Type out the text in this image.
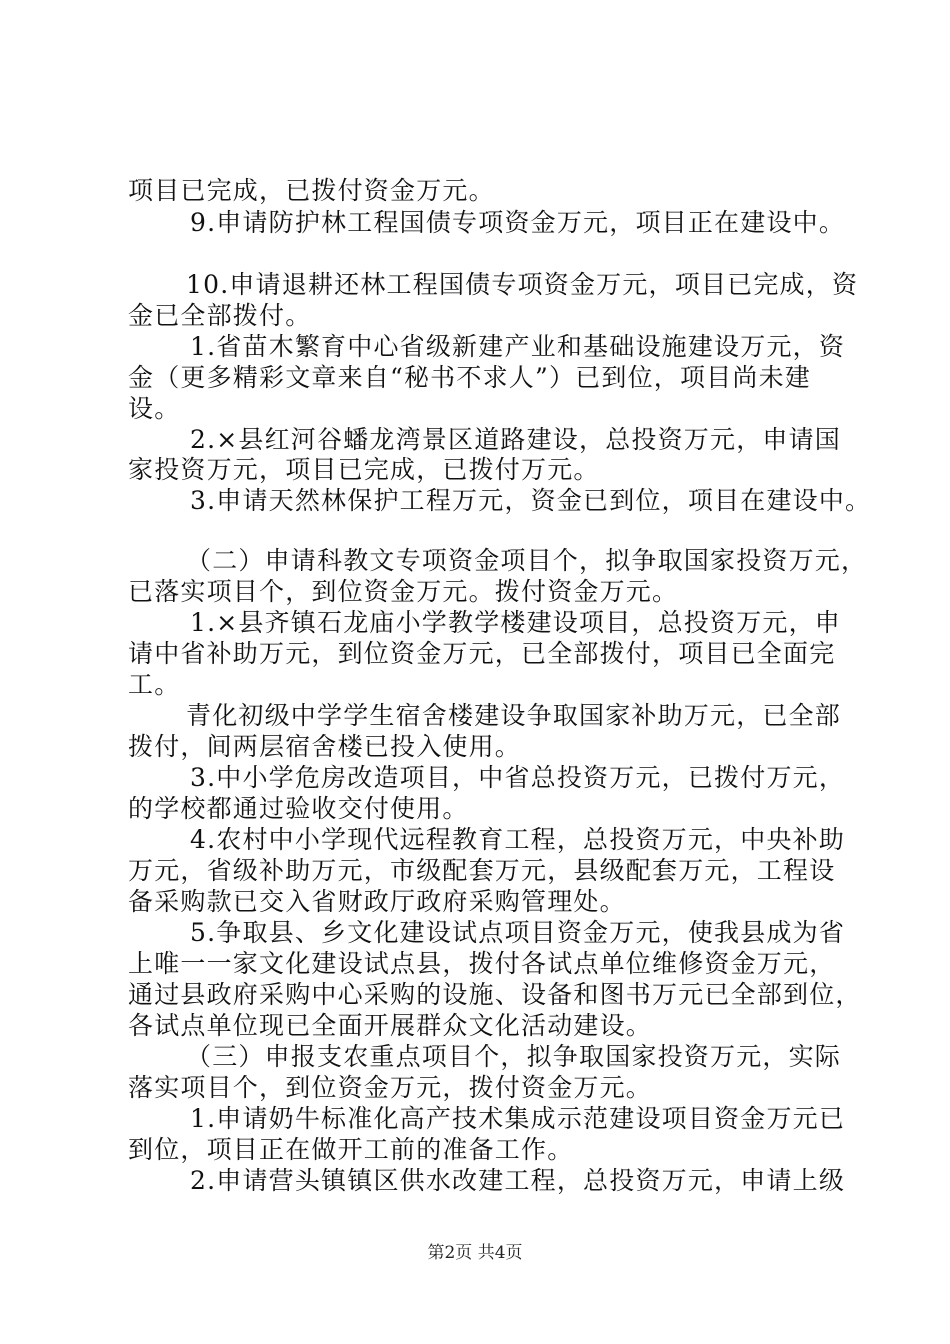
项目已完成，已拨付资金万元。
9.申请防护林工程国债专项资金万元，项目正在建设中。
10.申请退耕还林工程国债专项资金万元，项目已完成，资
金已全部拨付。
1.省苗木繁育中心省级新建产业和基础设施建设万元，资
金（更多精彩文章来自“秘书不求人”）已到位，项目尚未建
设。
2.×县红河谷蟠龙湾景区道路建设，总投资万元，申请国
家投资万元，项目已完成，已拨付万元。
3.申请天然林保护工程万元，资金已到位，项目在建设中。
（二）申请科教文专项资金项目个，拟争取国家投资万元，
已落实项目个，到位资金万元。拨付资金万元。
1.×县齐镇石龙庙小学教学楼建设项目，总投资万元，申
请中省补助万元，到位资金万元，已全部拨付，项目已全面完
工。
青化初级中学学生宿舍楼建设争取国家补助万元，已全部
拨付，间两层宿舍楼已投入使用。
3.中小学危房改造项目，中省总投资万元，已拨付万元，
的学校都通过验收交付使用。
4.农村中小学现代远程教育工程，总投资万元，中央补助
万元，省级补助万元，市级配套万元，县级配套万元，工程设
备采购款已交入省财政厅政府采购管理处。
5.争取县、乡文化建设试点项目资金万元，使我县成为省
上唯一一家文化建设试点县，拨付各试点单位维修资金万元，
通过县政府采购中心采购的设施、设备和图书万元已全部到位，
各试点单位现已全面开展群众文化活动建设。
（三）申报支农重点项目个，拟争取国家投资万元，实际
落实项目个，到位资金万元，拨付资金万元。
1.申请奶牛标准化高产技术集成示范建设项目资金万元已
到位，项目正在做开工前的准备工作。
2.申请营头镇镇区供水改建工程，总投资万元，申请上级
第2页 共4页
